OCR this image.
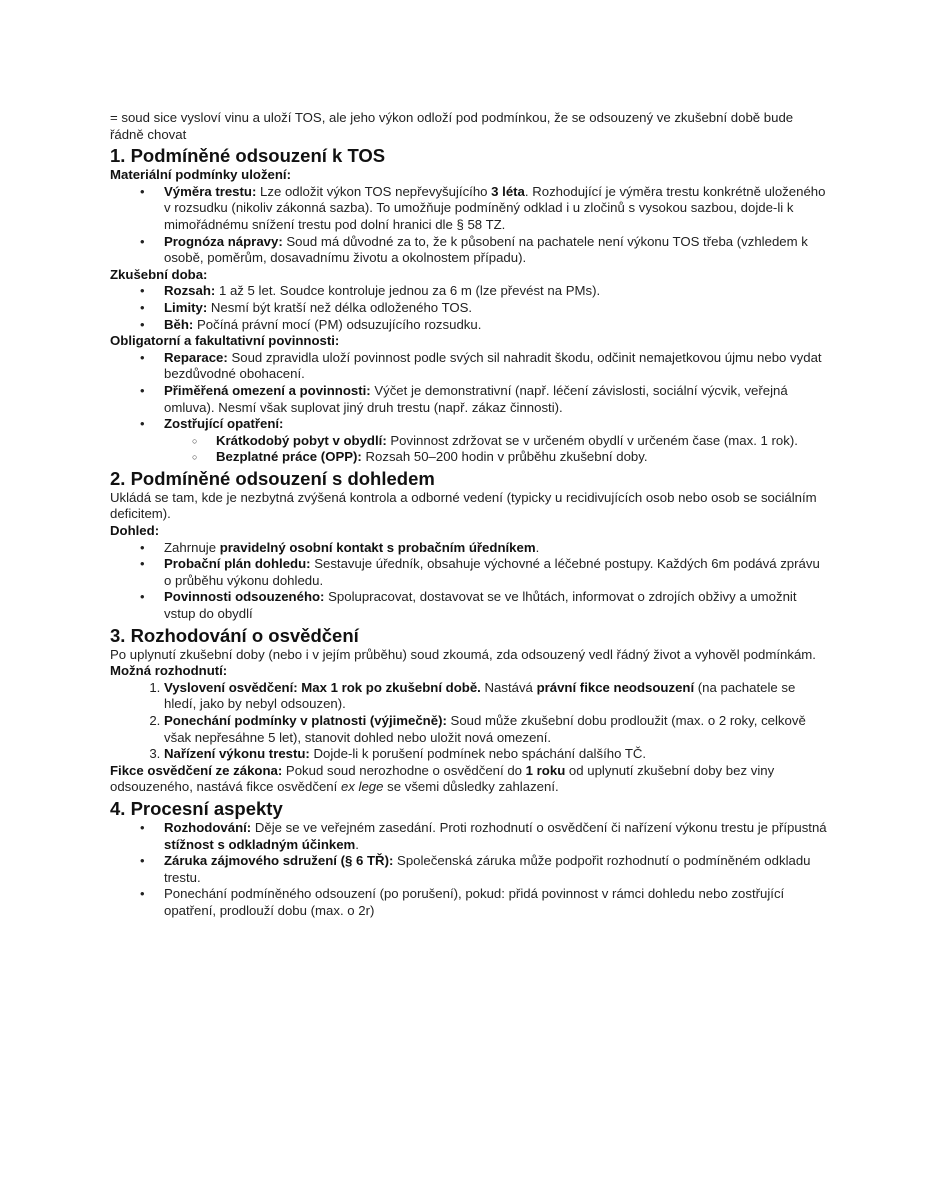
= soud sice vysloví vinu a uloží TOS, ale jeho výkon odloží pod podmínkou, že se odsouzený ve zkušební době bude řádně chovat

1. Podmíněné odsouzení k TOS

Materiální podmínky uložení:

• Výměra trestu: Lze odložit výkon TOS nepřevyšujícího 3 léta. Rozhodující je výměra trestu konkrétně uloženého v rozsudku (nikoliv zákonná sazba). To umožňuje podmíněný odklad i u zločinů s vysokou sazbou, dojde-li k mimořádnému snížení trestu pod dolní hranici dle § 58 TZ.
• Prognóza nápravy: Soud má důvodné za to, že k působení na pachatele není výkonu TOS třeba (vzhledem k osobě, poměrům, dosavadnímu životu a okolnostem případu).

Zkušební doba:

• Rozsah: 1 až 5 let. Soudce kontroluje jednou za 6 m (lze převést na PMs).
• Limity: Nesmí být kratší než délka odloženého TOS.
• Běh: Počíná právní mocí (PM) odsuzujícího rozsudku.

Obligatorní a fakultativní povinnosti:

• Reparace: Soud zpravidla uloží povinnost podle svých sil nahradit škodu, odčinit nemajetkovou újmu nebo vydat bezdůvodné obohacení.
• Přiměřená omezení a povinnosti: Výčet je demonstrativní (např. léčení závislosti, sociální výcvik, veřejná omluva). Nesmí však suplovat jiný druh trestu (např. zákaz činnosti).
• Zostřující opatření:
○ Krátkodobý pobyt v obydlí: Povinnost zdržovat se v určeném obydlí v určeném čase (max. 1 rok).
○ Bezplatné práce (OPP): Rozsah 50–200 hodin v průběhu zkušební doby.
2. Podmíněné odsouzení s dohledem

Ukládá se tam, kde je nezbytná zvýšená kontrola a odborné vedení (typicky u recidivujících osob nebo osob se sociálním deficitem).

Dohled:

• Zahrnuje pravidelný osobní kontakt s probačním úředníkem.
• Probační plán dohledu: Sestavuje úředník, obsahuje výchovné a léčebné postupy. Každých 6m podává zprávu o průběhu výkonu dohledu.
• Povinnosti odsouzeného: Spolupracovat, dostavovat se ve lhůtách, informovat o zdrojích obživy a umožnit vstup do obydlí
3. Rozhodování o osvědčení

Po uplynutí zkušební doby (nebo i v jejím průběhu) soud zkoumá, zda odsouzený vedl řádný život a vyhověl podmínkám.

Možná rozhodnutí:

1. Vyslovení osvědčení: Max 1 rok po zkušební době. Nastává právní fikce neodsouzení (na pachatele se hledí, jako by nebyl odsouzen).
2. Ponechání podmínky v platnosti (výjimečně): Soud může zkušební dobu prodloužit (max. o 2 roky, celkově však nepřesáhne 5 let), stanovit dohled nebo uložit nová omezení.
3. Nařízení výkonu trestu: Dojde-li k porušení podmínek nebo spáchání dalšího TČ.

Fikce osvědčení ze zákona: Pokud soud nerozhodne o osvědčení do 1 roku od uplynutí zkušební doby bez viny odsouzeného, nastává fikce osvědčení ex lege se všemi důsledky zahlazení.

4. Procesní aspekty
• Rozhodování: Děje se ve veřejném zasedání. Proti rozhodnutí o osvědčení či nařízení výkonu trestu je přípustná stížnost s odkladným účinkem.
• Záruka zájmového sdružení (§ 6 TŘ): Společenská záruka může podpořit rozhodnutí o podmíněném odkladu trestu.
• Ponechání podmíněného odsouzení (po porušení), pokud: přidá povinnost v rámci dohledu nebo zostřující opatření, prodlouží dobu (max. o 2r)
